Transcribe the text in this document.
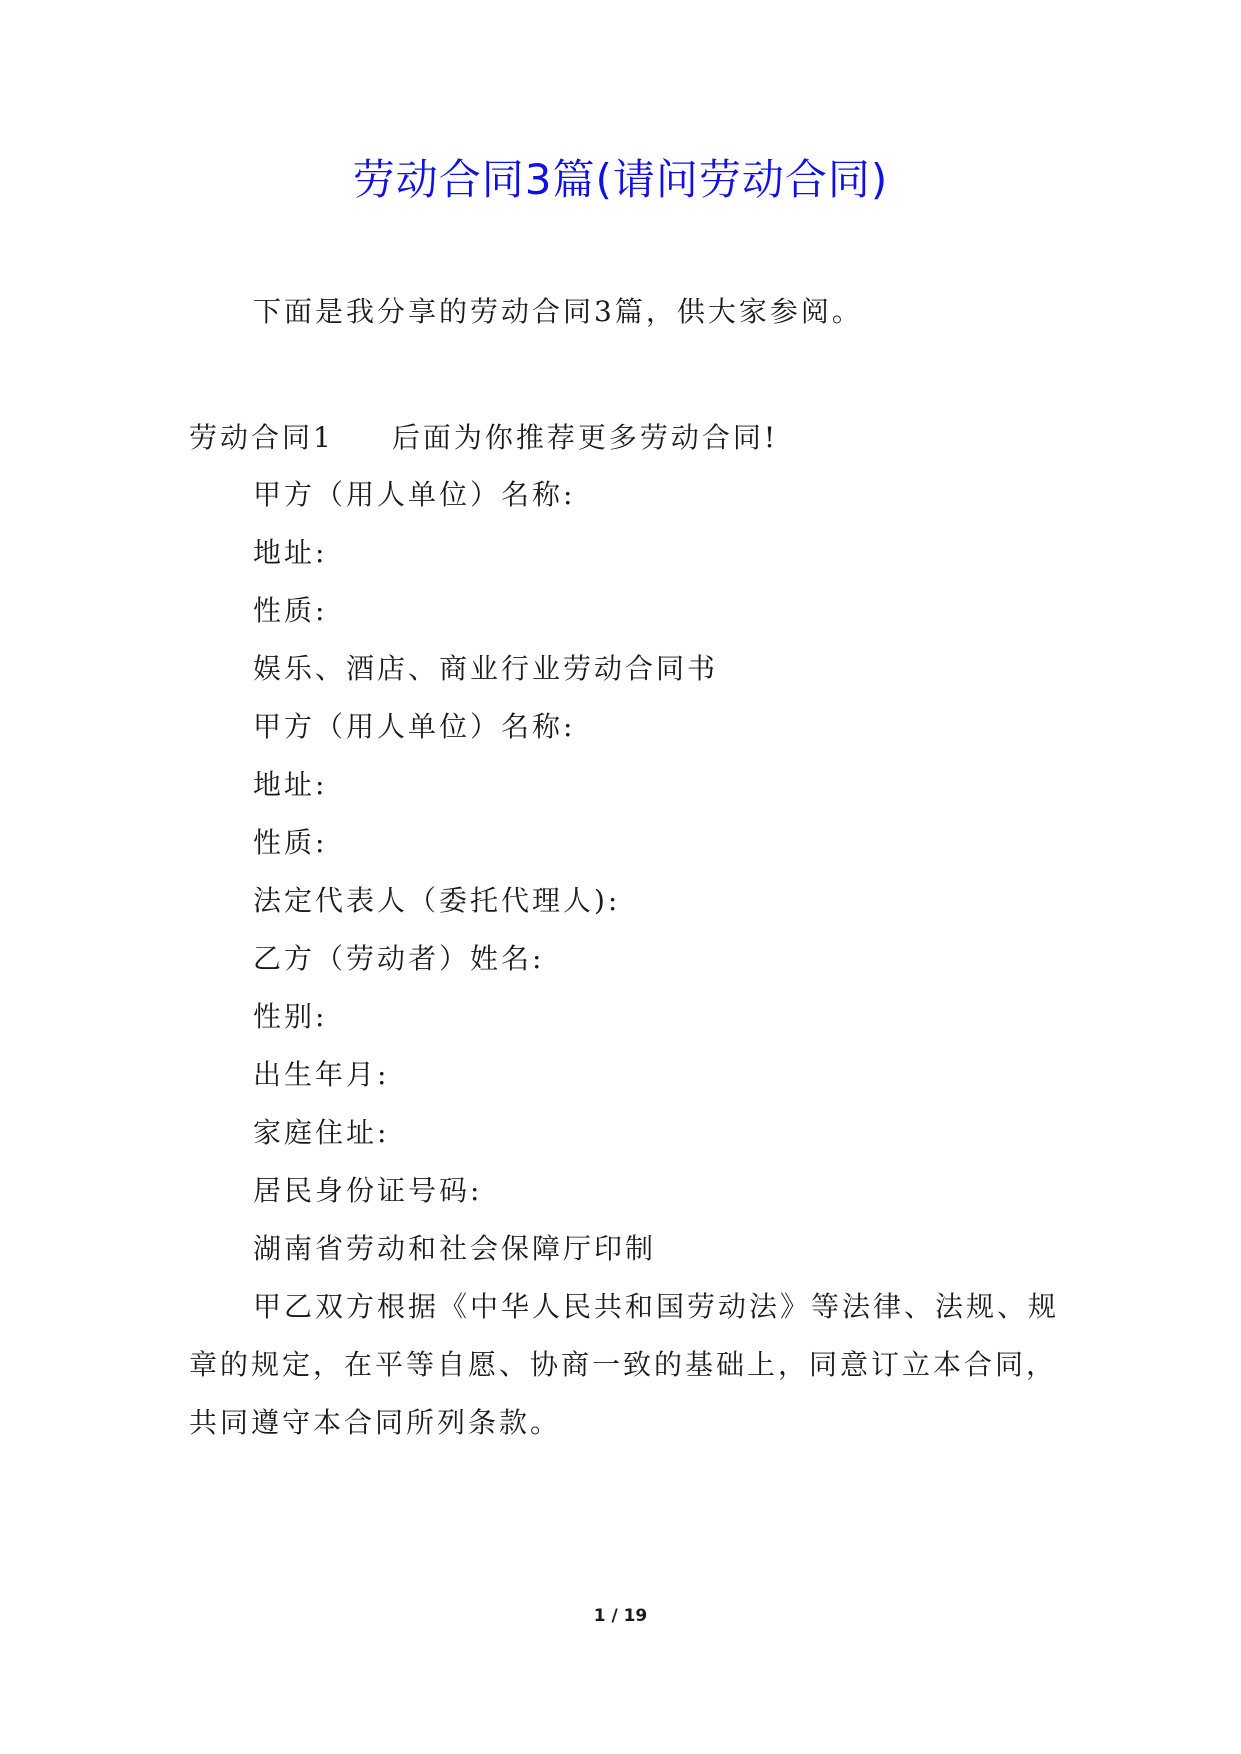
劳动合同3篇(请问劳动合同)

下面是我分享的劳动合同3篇，供大家参阅。

劳动合同1 后面为你推荐更多劳动合同!

甲方（用人单位）名称:

地址:

性质:

娱乐、酒店、商业行业劳动合同书

甲方（用人单位）名称:

地址:

性质:

法定代表人（委托代理人):

乙方（劳动者）姓名:

性别:

出生年月:

家庭住址:

居民身份证号码:

湖南省劳动和社会保障厅印制

甲乙双方根据《中华人民共和国劳动法》等法律、法规、规

章的规定，在平等自愿、协商一致的基础上，同意订立本合同，

共同遵守本合同所列条款。

1 / 19
